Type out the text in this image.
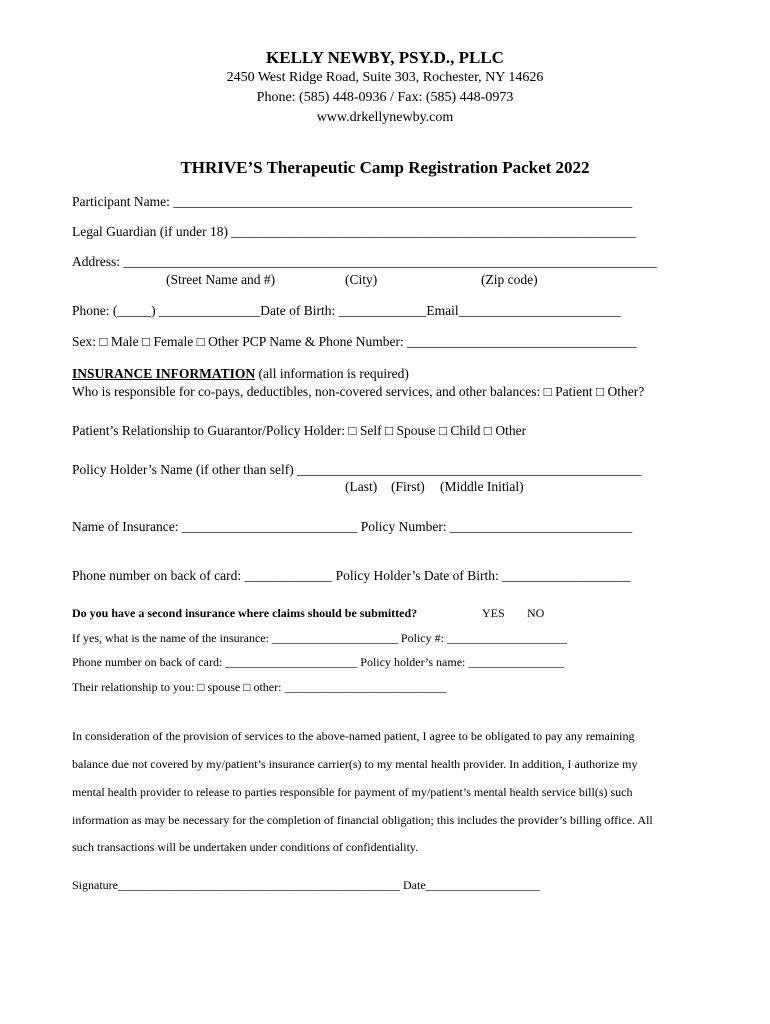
KELLY NEWBY, PSY.D., PLLC
2450 West Ridge Road, Suite 303, Rochester, NY 14626
Phone: (585) 448-0936 / Fax: (585) 448-0973
www.drkellynewby.com
THRIVE’S Therapeutic Camp Registration Packet 2022
Participant Name: ____________________________________________________________________
Legal Guardian (if under 18) ____________________________________________________________
Address: _______________________________________________________________________________
(Street Name and #)	(City)	(Zip code)
Phone: (_____) _______________Date of Birth: _____________Email________________________
Sex: □ Male □ Female □ Other PCP Name & Phone Number: __________________________________
INSURANCE INFORMATION (all information is required)
Who is responsible for co-pays, deductibles, non-covered services, and other balances: □ Patient □ Other?
Patient’s Relationship to Guarantor/Policy Holder: □ Self □ Spouse □ Child □ Other
Policy Holder’s Name (if other than self) ___________________________________________________
(Last) (First) (Middle Initial)
Name of Insurance: __________________________ Policy Number: ___________________________
Phone number on back of card: _____________ Policy Holder’s Date of Birth: ___________________
Do you have a second insurance where claims should be submitted?	YES NO
If yes, what is the name of the insurance: _____________________ Policy #: ____________________
Phone number on back of card: ______________________ Policy holder’s name: ________________
Their relationship to you: □ spouse □ other: ___________________________
In consideration of the provision of services to the above-named patient, I agree to be obligated to pay any remaining
balance due not covered by my/patient’s insurance carrier(s) to my mental health provider. In addition, I authorize my
mental health provider to release to parties responsible for payment of my/patient’s mental health service bill(s) such
information as may be necessary for the completion of financial obligation; this includes the provider’s billing office. All
such transactions will be undertaken under conditions of confidentiality.
Signature_______________________________________________ Date___________________
